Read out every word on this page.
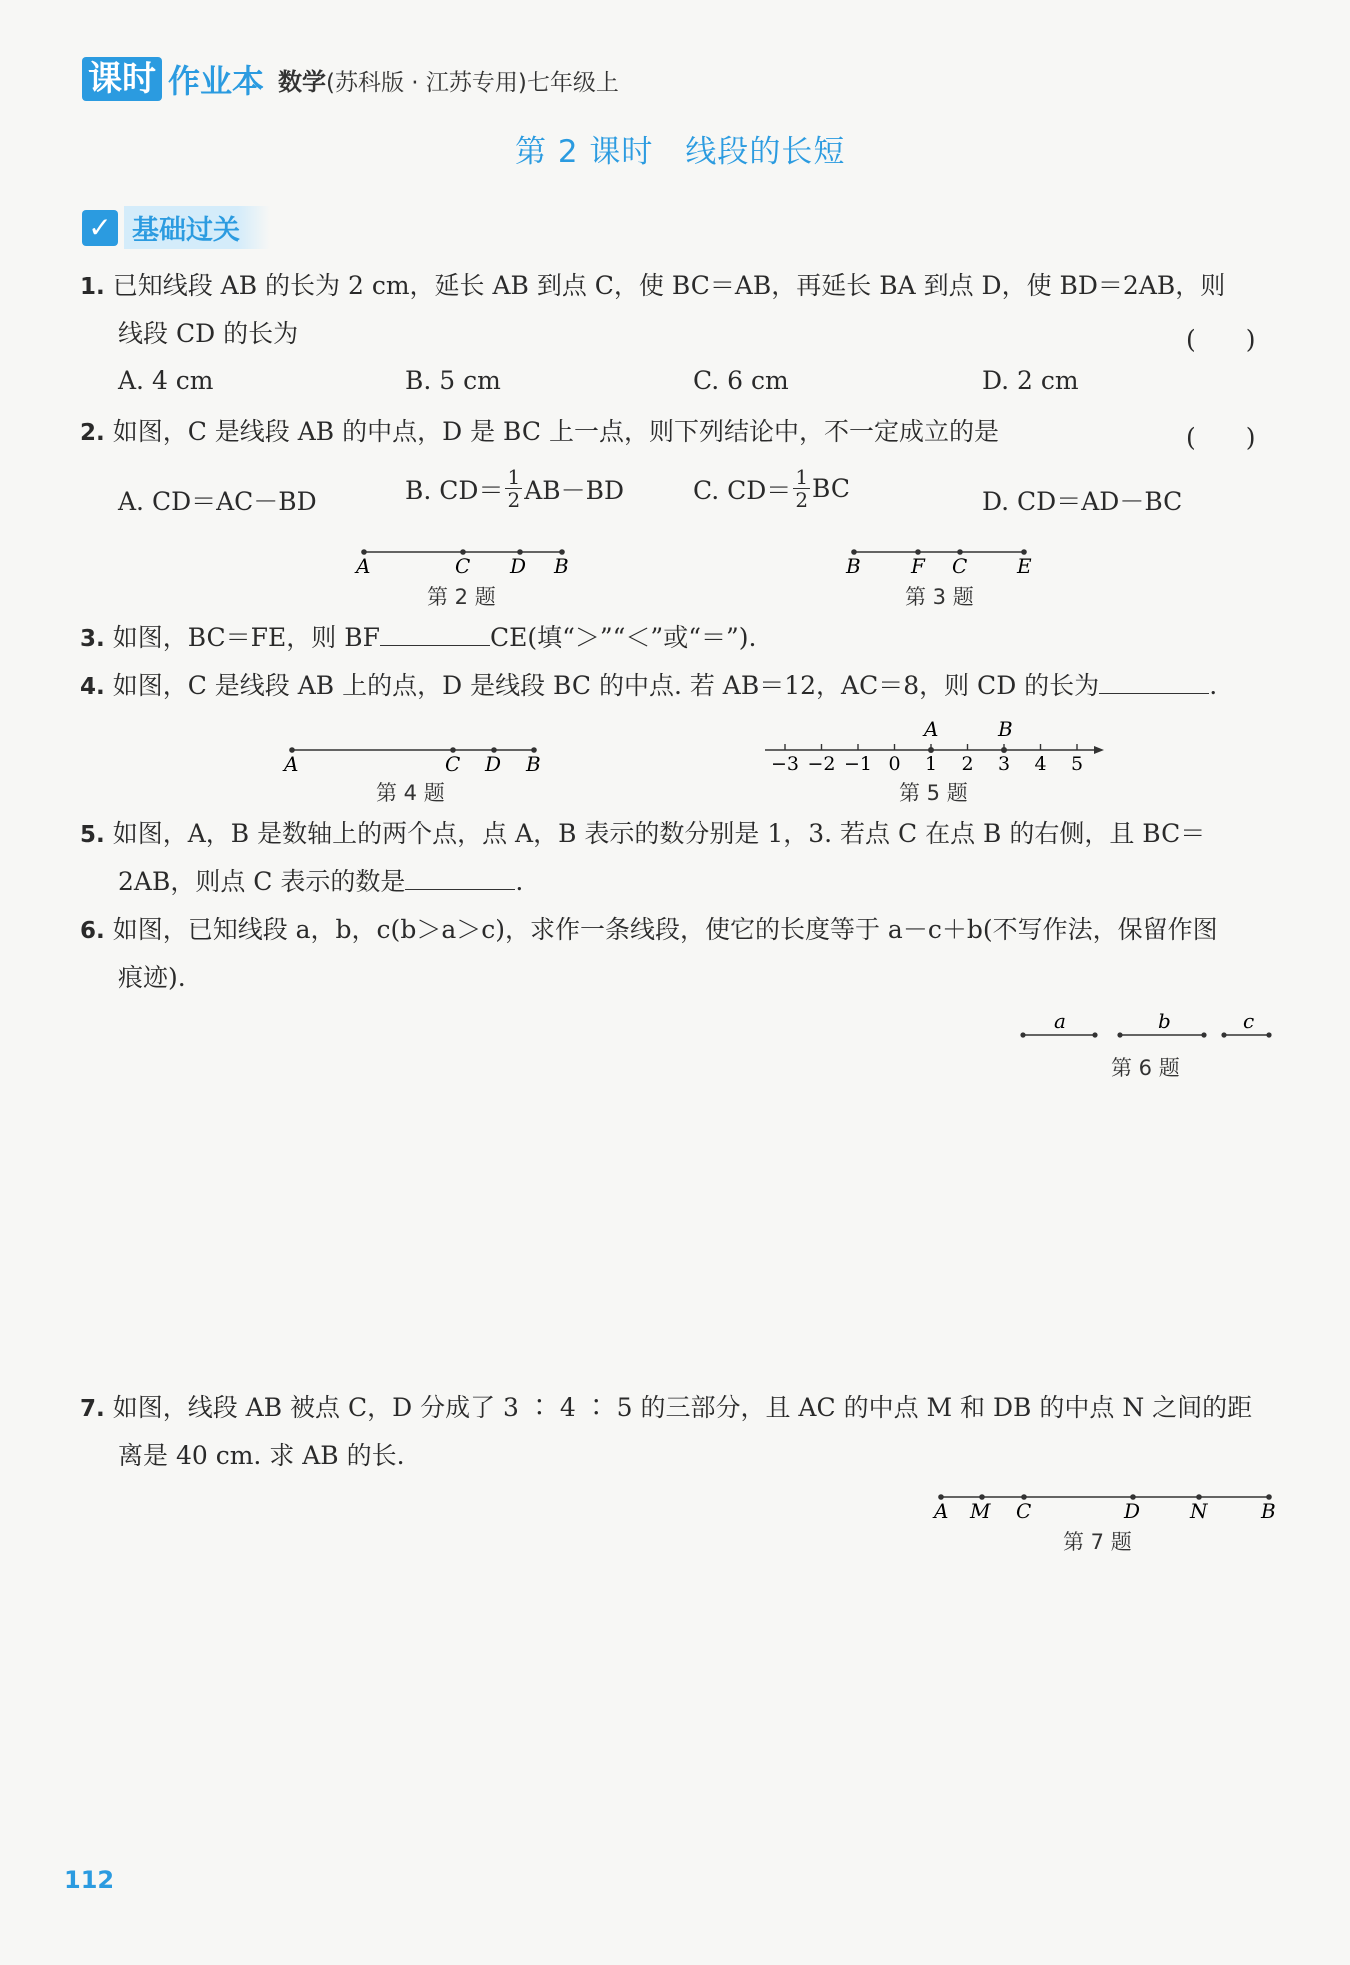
课时 作业本 数学(苏科版 · 江苏专用)七年级上
第 2 课时　线段的长短
✓ 基础过关
1. 已知线段 AB 的长为 2 cm，延长 AB 到点 C，使 BC＝AB，再延长 BA 到点 D，使 BD＝2AB，则
线段 CD 的长为	(　　)
A. 4 cm	B. 5 cm	C. 6 cm	D. 2 cm
2. 如图，C 是线段 AB 的中点，D 是 BC 上一点，则下列结论中，不一定成立的是	(　　)
A. CD＝AC－BD	B. $CD= \frac{1}{2} AB-BD$	C. $CD= \frac{1}{2}$ BC	D. CD＝AD－BC
A	C D B
第 2 题
B	F C E
第 3 题
3. 如图，BC＝FE，则 BF	CE(填“＞”“＜”或“＝”).
4. 如图，C 是线段 AB 上的点，D 是线段 BC 的中点. 若 AB＝12，AC＝8，则 CD 的长为	.
A	C D B
第 4 题
−3 −2 −1 0 1 2 3 4 5
A	B
第 5 题
5. 如图，A，B 是数轴上的两个点，点 A，B 表示的数分别是 1，3. 若点 C 在点 B 的右侧，且 BC＝
2AB，则点 C 表示的数是	.
6. 如图，已知线段 a，b，c(b＞a＞c)，求作一条线段，使它的长度等于 a－c＋b(不写作法，保留作图
痕迹).
a	b	c
第 6 题
7. 如图，线段 AB 被点 C，D 分成了 3 ∶ 4 ∶ 5 的三部分，且 AC 的中点 M 和 DB 的中点 N 之间的距
离是 40 cm. 求 AB 的长.
A M C	D N	B
第 7 题
112
